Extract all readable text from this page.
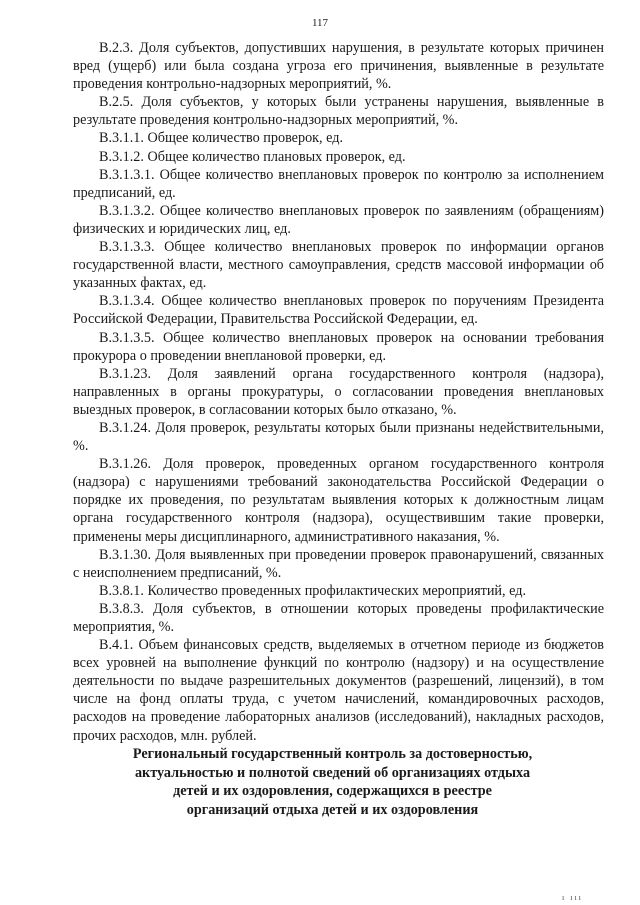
117

В.2.3. Доля субъектов, допустивших нарушения, в результате которых причинен вред (ущерб) или была создана угроза его причинения, выявленные в результате проведения контрольно-надзорных мероприятий, %.

В.2.5. Доля субъектов, у которых были устранены нарушения, выявленные в результате проведения контрольно-надзорных мероприятий, %.

В.3.1.1. Общее количество проверок, ед.

В.3.1.2. Общее количество плановых проверок, ед.

В.3.1.3.1. Общее количество внеплановых проверок по контролю за исполнением предписаний, ед.

В.3.1.3.2. Общее количество внеплановых проверок по заявлениям (обращениям) физических и юридических лиц, ед.

В.3.1.3.3. Общее количество внеплановых проверок по информации органов государственной власти, местного самоуправления, средств массовой информации об указанных фактах, ед.

В.3.1.3.4. Общее количество внеплановых проверок по поручениям Президента Российской Федерации, Правительства Российской Федерации, ед.

В.3.1.3.5. Общее количество внеплановых проверок на основании требования прокурора о проведении внеплановой проверки, ед.

В.3.1.23. Доля заявлений органа государственного контроля (надзора), направленных в органы прокуратуры, о согласовании проведения внеплановых выездных проверок, в согласовании которых было отказано, %.

В.3.1.24. Доля проверок, результаты которых были признаны недействительными, %.

В.3.1.26. Доля проверок, проведенных органом государственного контроля (надзора) с нарушениями требований законодательства Российской Федерации о порядке их проведения, по результатам выявления которых к должностным лицам органа государственного контроля (надзора), осуществившим такие проверки, применены меры дисциплинарного, административного наказания, %.

В.3.1.30. Доля выявленных при проведении проверок правонарушений, связанных с неисполнением предписаний, %.

В.3.8.1. Количество проведенных профилактических мероприятий, ед.

В.3.8.3. Доля субъектов, в отношении которых проведены профилактические мероприятия, %.

В.4.1. Объем финансовых средств, выделяемых в отчетном периоде из бюджетов всех уровней на выполнение функций по контролю (надзору) и на осуществление деятельности по выдаче разрешительных документов (разрешений, лицензий), в том числе на фонд оплаты труда, с учетом начислений, командировочных расходов, расходов на проведение лабораторных анализов (исследований), накладных расходов, прочих расходов, млн. рублей.

Региональный государственный контроль за достоверностью,
актуальностью и полнотой сведений об организациях отдыха
детей и их оздоровления, содержащихся в реестре
организаций отдыха детей и их оздоровления
ı ııı
